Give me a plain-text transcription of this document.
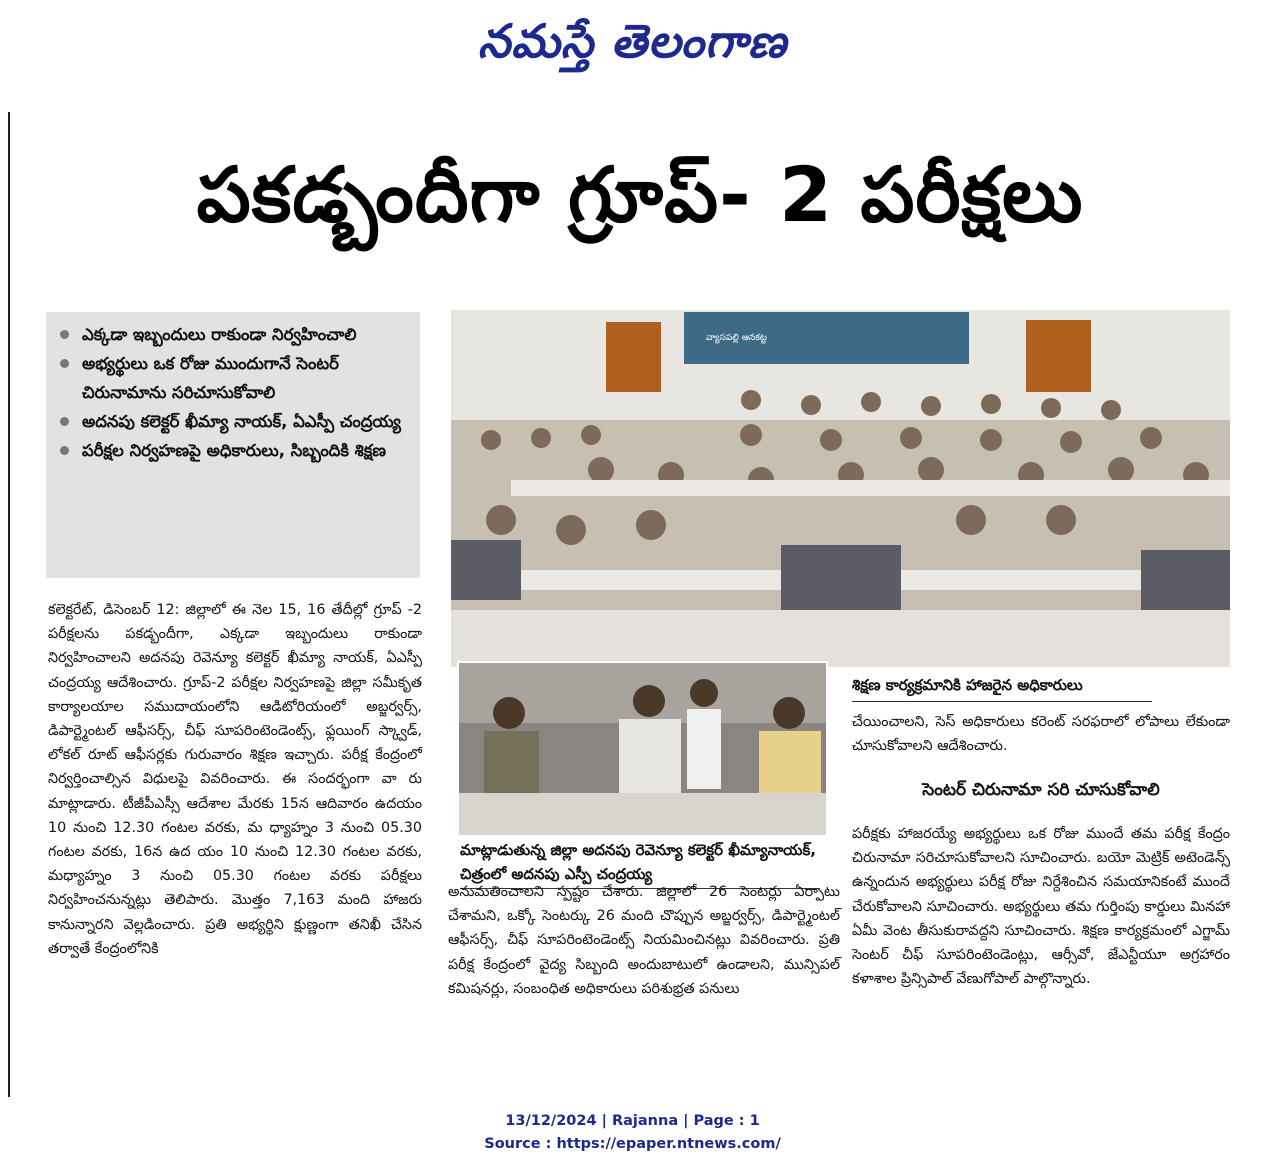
నమస్తే తెలంగాణ
పకడ్బందీగా గ్రూప్- 2 పరీక్షలు
ఎక్కడా ఇబ్బందులు రాకుండా నిర్వహించాలి
అభ్యర్థులు ఒక రోజు ముందుగానే సెంటర్ చిరునామాను సరిచూసుకోవాలి
అదనపు కలెక్టర్ ఖీమ్యా నాయక్, ఏఎస్పీ చంద్రయ్య
పరీక్షల నిర్వహణపై అధికారులు, సిబ్బందికి శిక్షణ

కలెక్టరేట్, డిసెంబర్ 12: జిల్లాలో ఈ నెల 15, 16 తేదీల్లో గ్రూప్ -2 పరీక్షలను పకడ్బందీగా, ఎక్కడా ఇబ్బందులు రాకుండా నిర్వహించాలని అదనపు రెవెన్యూ కలెక్టర్ ఖీమ్యా నాయక్, ఏఎస్పీ చంద్రయ్య ఆదేశించారు. గ్రూప్-2 పరీక్షల నిర్వహణపై జిల్లా సమీకృత కార్యాలయాల సముదాయంలోని ఆడిటోరియంలో అబ్జర్వర్స్, డిపార్ట్మెంటల్ ఆఫీసర్స్, చీఫ్ సూపరింటెండెంట్స్, ఫ్లయింగ్ స్క్వాడ్, లోకల్ రూట్ ఆఫీసర్లకు గురువారం శిక్షణ ఇచ్చారు. పరీక్ష కేంద్రంలో నిర్వర్తించాల్సిన విధులపై వివరించారు. ఈ సందర్భంగా వా రు మాట్లాడారు. టీజీపీఎస్సీ ఆదేశాల మేరకు 15న ఆదివారం ఉదయం 10 నుంచి 12.30 గంటల వరకు, మ ధ్యాహ్నం 3 నుంచి 05.30 గంటల వరకు, 16న ఉద యం 10 నుంచి 12.30 గంటల వరకు, మధ్యాహ్నం 3 నుంచి 05.30 గంటల వరకు పరీక్షలు నిర్వహించనున్నట్లు తెలిపారు. మొత్తం 7,163 మంది హాజరు కానున్నారని వెల్లడించారు. ప్రతి అభ్యర్థిని క్షుణ్ణంగా తనిఖీ చేసిన తర్వాతే కేంద్రంలోనికి

వ్యాసపల్లి ఆనకట్ట
శిక్షణ కార్యక్రమానికి హాజరైన అధికారులు
మాట్లాడుతున్న జిల్లా అదనపు రెవెన్యూ కలెక్టర్ ఖీమ్యానాయక్, చిత్రంలో అదనపు ఎస్పీ చంద్రయ్య

అనుమతించాలని స్పష్టం చేశారు. జిల్లాలో 26 సెంటర్లు ఏర్పాటు చేశామని, ఒక్కో సెంటర్కు 26 మంది చొప్పున అబ్జర్వర్స్, డిపార్ట్మెంటల్ ఆఫీసర్స్, చీఫ్ సూపరింటెండెంట్స్ నియమించినట్లు వివరించారు. ప్రతి పరీక్ష కేంద్రంలో వైద్య సిబ్బంది అందుబాటులో ఉండాలని, మున్సిపల్ కమిషనర్లు, సంబంధిత అధికారులు పరిశుభ్రత పనులు

చేయించాలని, సెస్ అధికారులు కరెంట్ సరఫరాలో లోపాలు లేకుండా చూసుకోవాలని ఆదేశించారు.

సెంటర్ చిరునామా సరి చూసుకోవాలి

పరీక్షకు హాజరయ్యే అభ్యర్థులు ఒక రోజు ముందే తమ పరీక్ష కేంద్రం చిరునామా సరిచూసుకోవాలని సూచించారు. బయో మెట్రిక్ అటెండెన్స్ ఉన్నందున అభ్యర్థులు పరీక్ష రోజు నిర్దేశించిన సమయానికంటే ముందే చేరుకోవాలని సూచించారు. అభ్యర్థులు తమ గుర్తింపు కార్డులు మినహా ఏమీ వెంట తీసుకురావద్దని సూచించారు. శిక్షణ కార్యక్రమంలో ఎగ్జామ్ సెంటర్ చీఫ్ సూపరింటెండెంట్లు, ఆర్సీవో, జేఎన్టీయూ అగ్రహారం కళాశాల ప్రిన్సిపాల్ వేణుగోపాల్ పాల్గొన్నారు.

13/12/2024 | Rajanna | Page : 1
Source : https://epaper.ntnews.com/
